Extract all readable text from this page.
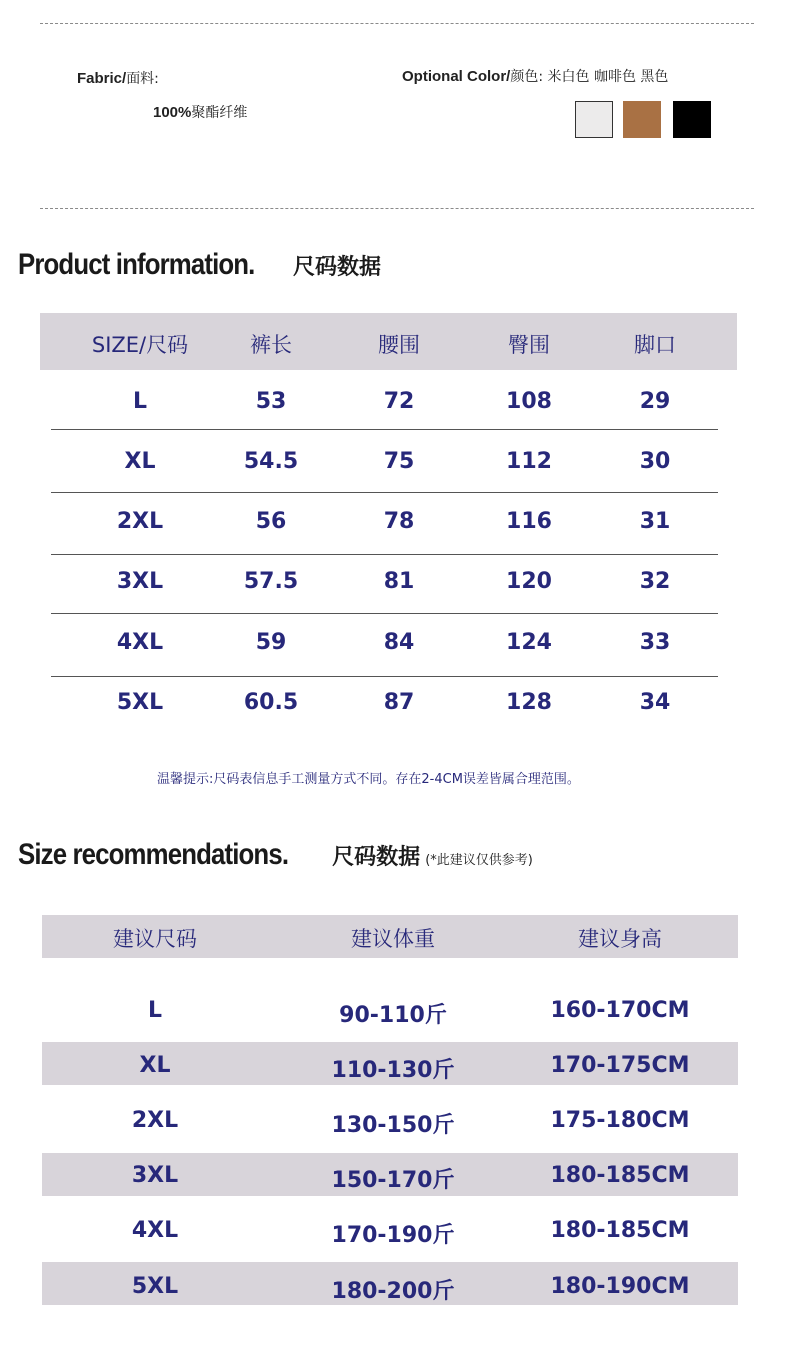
Fabric/面料:
100%聚酯纤维
Optional Color/颜色: 米白色 咖啡色 黑色
Product information. 尺码数据
SIZE/尺码	裤长	腰围	臀围	脚口
L	53	72	108	29
XL	54.5	75	112	30
2XL	56	78	116	31
3XL	57.5	81	120	32
4XL	59	84	124	33
5XL	60.5	87	128	34
温馨提示:尺码表信息手工测量方式不同。存在2-4CM误差皆属合理范围。
Size recommendations. 尺码数据 (*此建议仅供参考)
建议尺码	建议体重	建议身高
L	90-110斤	160-170CM
XL	110-130斤	170-175CM
2XL	130-150斤	175-180CM
3XL	150-170斤	180-185CM
4XL	170-190斤	180-185CM
5XL	180-200斤	180-190CM
